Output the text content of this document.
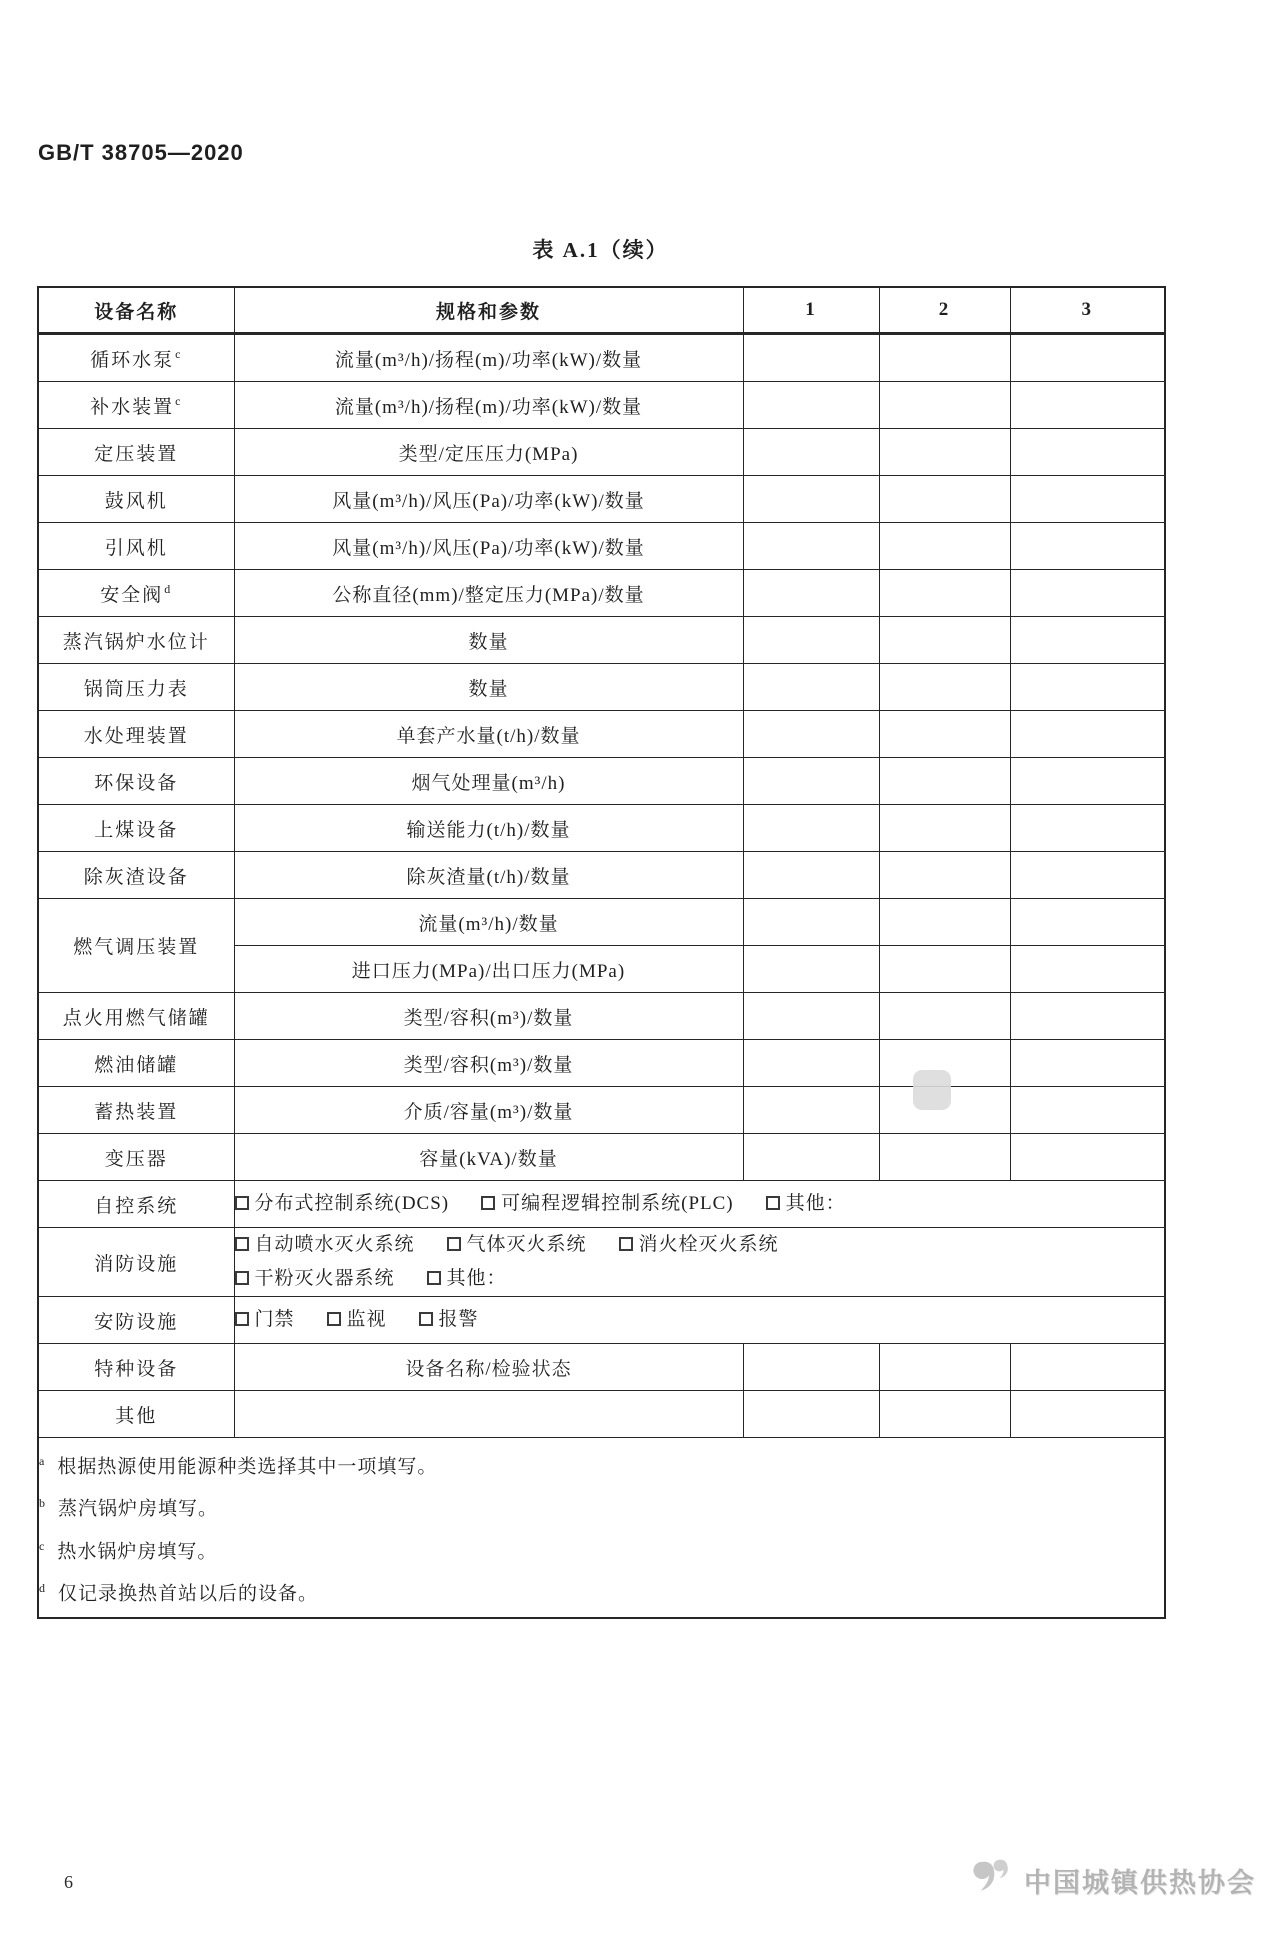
GB/T 38705—2020
表 A.1（续）
设备名称	规格和参数	1	2	3
循环水泵$^c$	流量(m³/h)/扬程(m)/功率(kW)/数量			
补水装置$^c$	流量(m³/h)/扬程(m)/功率(kW)/数量			
定压装置	类型/定压压力(MPa)			
鼓风机	风量(m³/h)/风压(Pa)/功率(kW)/数量			
引风机	风量(m³/h)/风压(Pa)/功率(kW)/数量			
安全阀$^d$	公称直径(mm)/整定压力(MPa)/数量			
蒸汽锅炉水位计	数量			
锅筒压力表	数量			
水处理装置	单套产水量(t/h)/数量			
环保设备	烟气处理量(m³/h)			
上煤设备	输送能力(t/h)/数量			
除灰渣设备	除灰渣量(t/h)/数量			
燃气调压装置	流量(m³/h)/数量			
	进口压力(MPa)/出口压力(MPa)			
点火用燃气储罐	类型/容积(m³)/数量			
燃油储罐	类型/容积(m³)/数量			
蓄热装置	介质/容量(m³)/数量			
变压器	容量(kVA)/数量			
自控系统	分布式控制系统(DCS) 可编程逻辑控制系统(PLC) 其他：			

消防设施	自动喷水灭火系统 气体灭火系统 消火栓灭火系统
干粉灭火器系统 其他：			

安防设施	门禁 监视 报警			

特种设备	设备名称/检验状态			
其他				

$^a$ 根据热源使用能源种类选择其中一项填写。
$^b$ 蒸汽锅炉房填写。
$^c$ 热水锅炉房填写。
$^d$ 仅记录换热首站以后的设备。				
6	中国城镇供热协会
